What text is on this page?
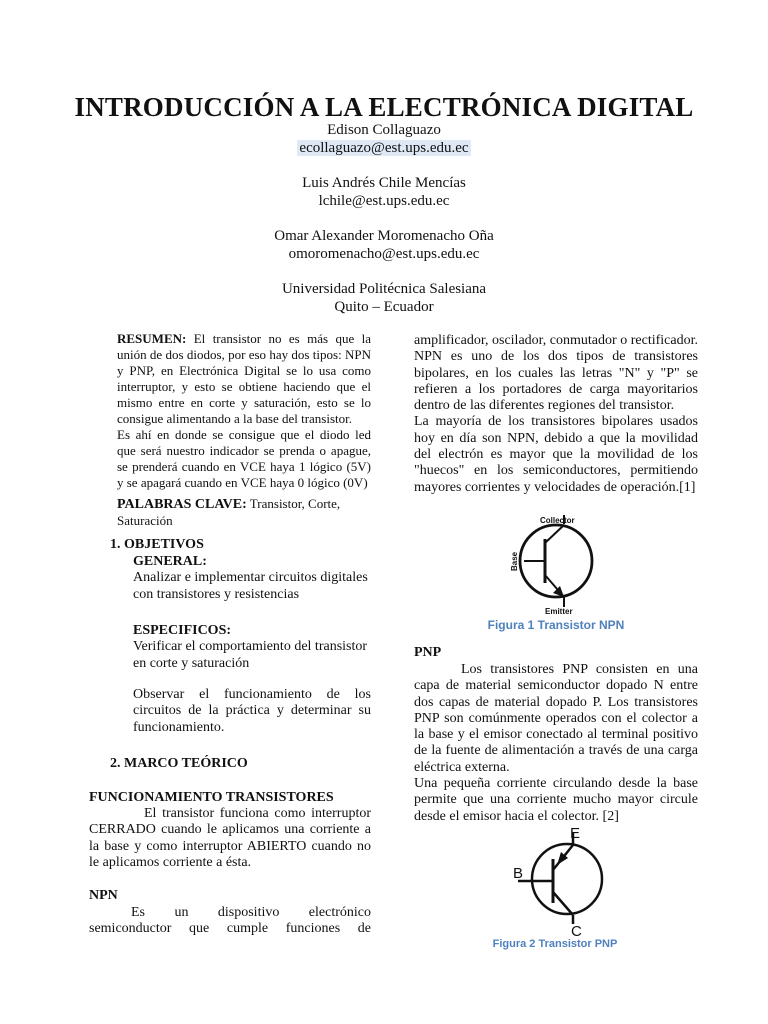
INTRODUCCIÓN A LA ELECTRÓNICA DIGITAL
Edison Collaguazo
ecollaguazo@est.ups.edu.ec
Luis Andrés Chile Mencías
lchile@est.ups.edu.ec
Omar Alexander Moromenacho Oña
omoromenacho@est.ups.edu.ec
Universidad Politécnica Salesiana
Quito – Ecuador

RESUMEN: El transistor no es más que la unión de dos diodos, por eso hay dos tipos: NPN y PNP, en Electrónica Digital se lo usa como interruptor, y esto se obtiene haciendo que el mismo entre en corte y saturación, esto se lo consigue alimentando a la base del transistor.

Es ahí en donde se consigue que el diodo led que será nuestro indicador se prenda o apague, se prenderá cuando en VCE haya 1 lógico (5V) y se apagará cuando en VCE haya 0 lógico (0V)

PALABRAS CLAVE: Transistor, Corte, Saturación
1. OBJETIVOS
GENERAL:
Analizar e implementar circuitos digitales con transistores y resistencias
ESPECIFICOS:
Verificar el comportamiento del transistor en corte y saturación
Observar el funcionamiento de los circuitos de la práctica y determinar su funcionamiento.
2. MARCO TEÓRICO
FUNCIONAMIENTO TRANSISTORES
El transistor funciona como interruptor CERRADO cuando le aplicamos una corriente a la base y como interruptor ABIERTO cuando no le aplicamos corriente a ésta.
NPN
Es un dispositivo electrónico semiconductor que cumple funciones de

amplificador, oscilador, conmutador o rectificador. NPN es uno de los dos tipos de transistores bipolares, en los cuales las letras "N" y "P" se refieren a los portadores de carga mayoritarios dentro de las diferentes regiones del transistor.

La mayoría de los transistores bipolares usados hoy en día son NPN, debido a que la movilidad del electrón es mayor que la movilidad de los "huecos" en los semiconductores, permitiendo mayores corrientes y velocidades de operación.[1]

Collector
Base
Emitter
Figura 1 Transistor NPN
PNP

Los transistores PNP consisten en una capa de material semiconductor dopado N entre dos capas de material dopado P. Los transistores PNP son comúnmente operados con el colector a la base y el emisor conectado al terminal positivo de la fuente de alimentación a través de una carga eléctrica externa.

Una pequeña corriente circulando desde la base permite que una corriente mucho mayor circule desde el emisor hacia el colector. [2]

E
B
C
Figura 2 Transistor PNP
